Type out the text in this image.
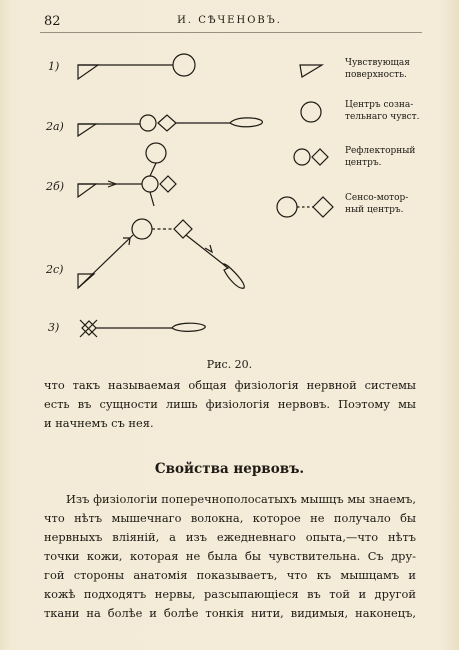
82	И. СѢЧЕНОВЪ.
1)
2a)
2б)
2c)
3)
Чувствующая
поверхность.
Центръ созна-
тельнаго чувст.
Рефлекторный
центръ.
Сенсо-мотор-
ный центръ.
Рис. 20.
что такъ называемая общая физіологія нервной системы
есть въ сущности лишь физіологія нервовъ. Поэтому мы
и начнемъ съ нея.
Свойства нервовъ.
Изъ физіологіи поперечнополосатыхъ мышцъ мы знаемъ,
что нѣтъ мышечнаго волокна, которое не получало бы
нервныхъ вліяній, а изъ ежедневнаго опыта,—что нѣтъ
точки кожи, которая не была бы чувствительна. Съ дру-
гой стороны анатомія показываетъ, что къ мышцамъ и
кожѣ подходятъ нервы, разсыпающіеся въ той и другой
ткани на болѣе и болѣе тонкія нити, видимыя, наконецъ,
